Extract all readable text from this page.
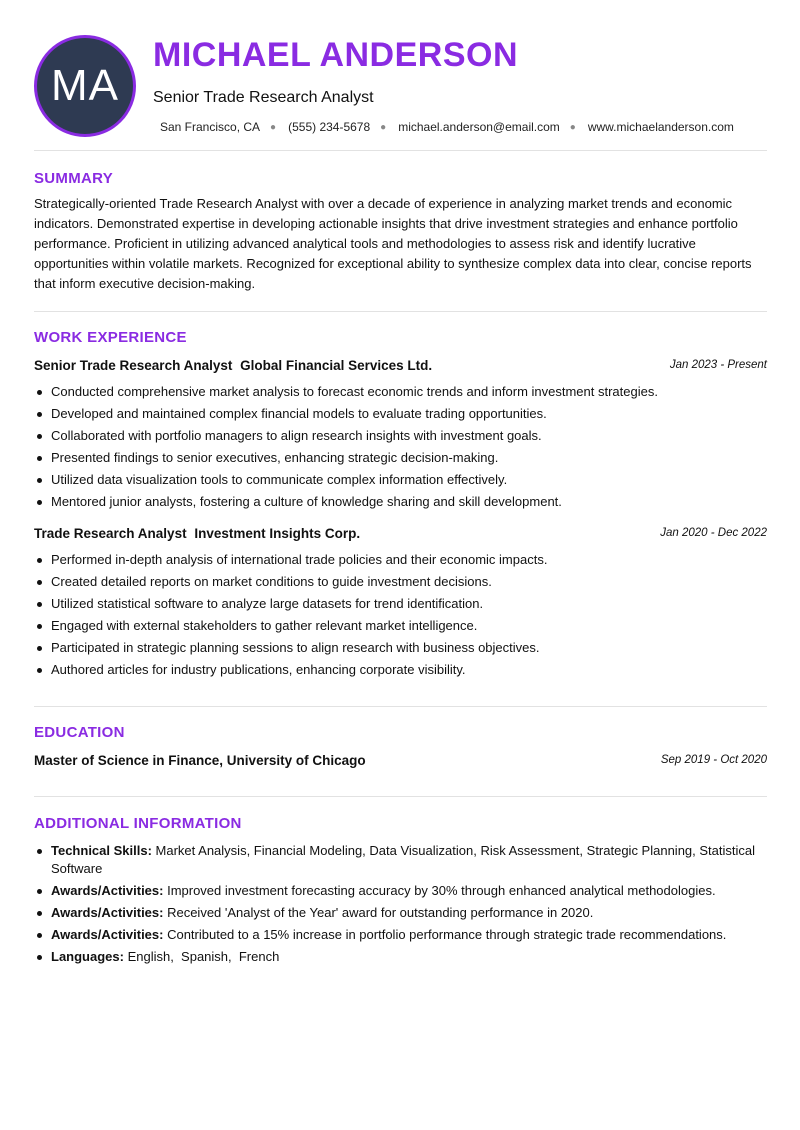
MA
MICHAEL ANDERSON
Senior Trade Research Analyst
San Francisco, CA ● (555) 234-5678 ● michael.anderson@email.com ● www.michaelanderson.com
SUMMARY

Strategically-oriented Trade Research Analyst with over a decade of experience in analyzing market trends and economic indicators. Demonstrated expertise in developing actionable insights that drive investment strategies and enhance portfolio performance. Proficient in utilizing advanced analytical tools and methodologies to assess risk and identify lucrative opportunities within volatile markets. Recognized for exceptional ability to synthesize complex data into clear, concise reports that inform executive decision-making.

WORK EXPERIENCE
Senior Trade Research Analyst Global Financial Services Ltd.	Jan 2023 - Present
Conducted comprehensive market analysis to forecast economic trends and inform investment strategies.
Developed and maintained complex financial models to evaluate trading opportunities.
Collaborated with portfolio managers to align research insights with investment goals.
Presented findings to senior executives, enhancing strategic decision-making.
Utilized data visualization tools to communicate complex information effectively.
Mentored junior analysts, fostering a culture of knowledge sharing and skill development.
Trade Research Analyst Investment Insights Corp.	Jan 2020 - Dec 2022
Performed in-depth analysis of international trade policies and their economic impacts.
Created detailed reports on market conditions to guide investment decisions.
Utilized statistical software to analyze large datasets for trend identification.
Engaged with external stakeholders to gather relevant market intelligence.
Participated in strategic planning sessions to align research with business objectives.
Authored articles for industry publications, enhancing corporate visibility.
EDUCATION
Master of Science in Finance, University of Chicago	Sep 2019 - Oct 2020
ADDITIONAL INFORMATION
Technical Skills: Market Analysis, Financial Modeling, Data Visualization, Risk Assessment, Strategic Planning, Statistical Software
Awards/Activities: Improved investment forecasting accuracy by 30% through enhanced analytical methodologies.
Awards/Activities: Received 'Analyst of the Year' award for outstanding performance in 2020.
Awards/Activities: Contributed to a 15% increase in portfolio performance through strategic trade recommendations.
Languages: English,  Spanish,  French
